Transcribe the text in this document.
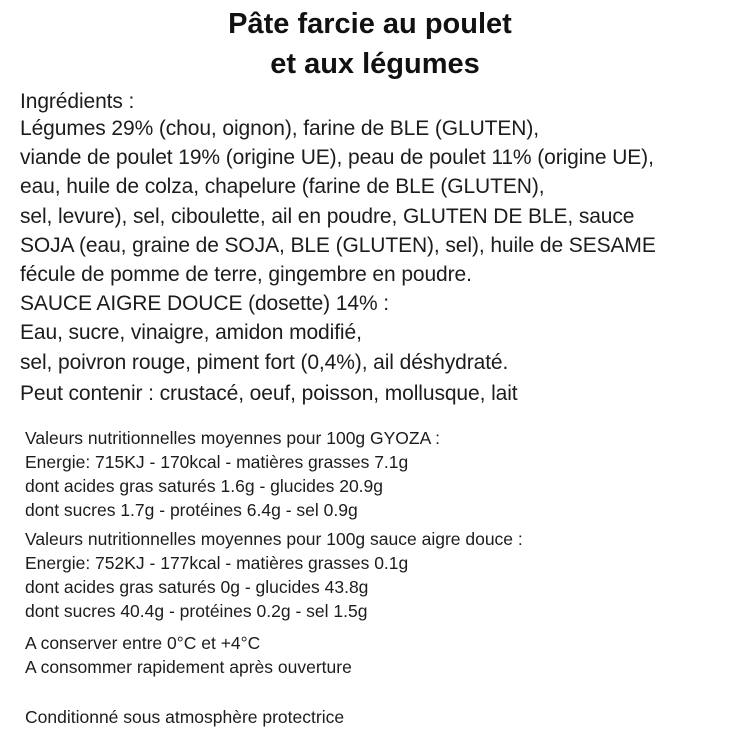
Pâte farcie au poulet
et aux légumes
Ingrédients :
Légumes 29% (chou, oignon), farine de BLE (GLUTEN),
viande de poulet 19% (origine UE), peau de poulet 11% (origine UE),
eau, huile de colza, chapelure (farine de BLE (GLUTEN),
sel, levure), sel, ciboulette, ail en poudre, GLUTEN DE BLE, sauce
SOJA (eau, graine de SOJA, BLE (GLUTEN), sel), huile de SESAME
fécule de pomme de terre, gingembre en poudre.
SAUCE AIGRE DOUCE (dosette) 14% :
Eau, sucre, vinaigre, amidon modifié,
sel, poivron rouge, piment fort (0,4%), ail déshydraté.
Peut contenir : crustacé, oeuf, poisson, mollusque, lait
Valeurs nutritionnelles moyennes pour 100g GYOZA :
Energie: 715KJ - 170kcal - matières grasses 7.1g
dont acides gras saturés 1.6g - glucides 20.9g
dont sucres 1.7g - protéines 6.4g - sel 0.9g
Valeurs nutritionnelles moyennes pour 100g sauce aigre douce :
Energie: 752KJ - 177kcal - matières grasses 0.1g
dont acides gras saturés 0g - glucides 43.8g
dont sucres 40.4g - protéines 0.2g - sel 1.5g
A conserver entre 0°C et +4°C
A consommer rapidement après ouverture
Conditionné sous atmosphère protectrice
